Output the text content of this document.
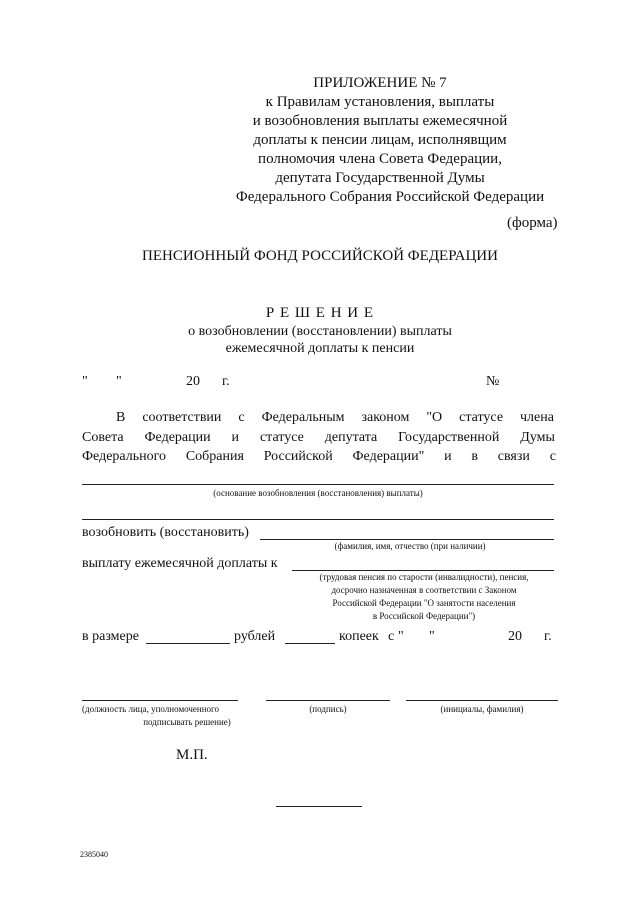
ПРИЛОЖЕНИЕ № 7
к Правилам установления, выплаты
и возобновления выплаты ежемесячной
доплаты к пенсии лицам, исполнявщим
полномочия члена Совета Федерации,
депутата Государственной Думы
Федерального Собрания Российской Федерации
(форма)
ПЕНСИОННЫЙ ФОНД РОССИЙСКОЙ ФЕДЕРАЦИИ
Р Е Ш Е Н И Е
о возобновлении (восстановлении) выплаты
ежемесячной доплаты к пенсии
" "	20 г.	№
В соответствии с Федеральным законом "О статусе члена
Совета Федерации и статусе депутата Государственной Думы
Федерального Собрания Российской Федерации" и в связи с
(основание возобновления (восстановления) выплаты)
возобновить (восстановить)
(фамилия, имя, отчество (при наличии)
выплату ежемесячной доплаты к
(трудовая пенсия по старости (инвалидности), пенсия,
досрочно назначенная в соответствии с Законом
Российской Федерации "О занятости населения
в Российской Федерации")
в размере	рублей	копеек с " "	20 г.
(должность лица, уполномоченного
подписывать решение)
(подпись)	(инициалы, фамилия)
М.П.
2385040
